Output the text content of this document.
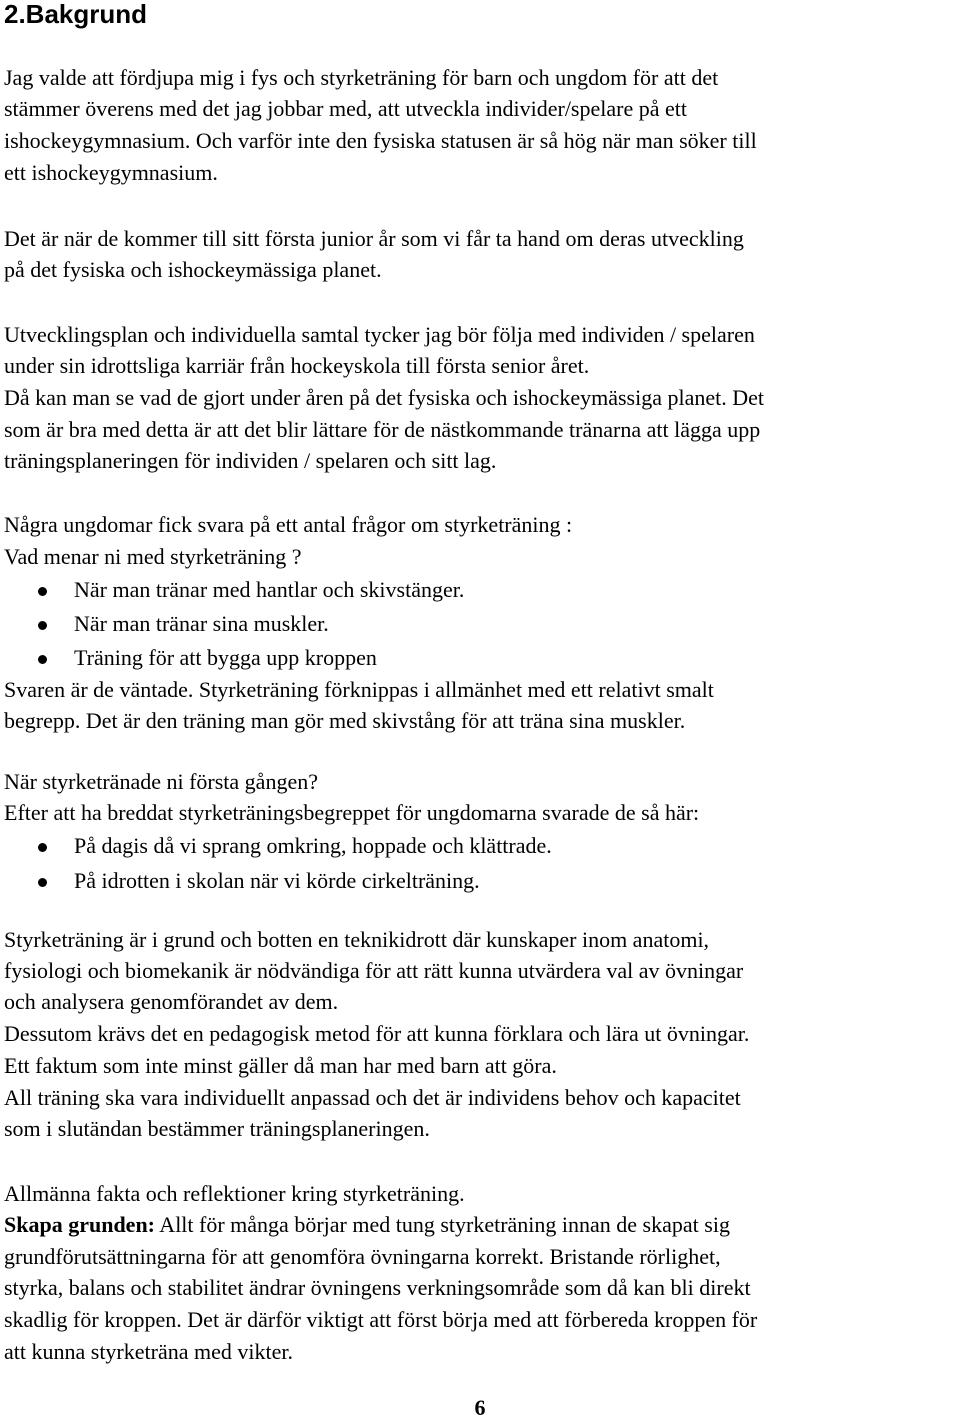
2.Bakgrund

Jag valde att fördjupa mig i fys och styrketräning för barn och ungdom för att det

stämmer överens med det jag jobbar med, att utveckla individer/spelare på ett

ishockeygymnasium. Och varför inte den fysiska statusen är så hög när man söker till

ett ishockeygymnasium.

Det är när de kommer till sitt första junior år som vi får ta hand om deras utveckling

på det fysiska och ishockeymässiga planet.

Utvecklingsplan och individuella samtal tycker jag bör följa med individen / spelaren

under sin idrottsliga karriär från hockeyskola till första senior året.

Då kan man se vad de gjort under åren på det fysiska och ishockeymässiga planet. Det

som är bra med detta är att det blir lättare för de nästkommande tränarna att lägga upp

träningsplaneringen för individen / spelaren och sitt lag.

Några ungdomar fick svara på ett antal frågor om styrketräning :

Vad menar ni med styrketräning ?

När man tränar med hantlar och skivstänger.

När man tränar sina muskler.

Träning för att bygga upp kroppen

Svaren är de väntade. Styrketräning förknippas i allmänhet med ett relativt smalt

begrepp. Det är den träning man gör med skivstång för att träna sina muskler.

När styrketränade ni första gången?

Efter att ha breddat styrketräningsbegreppet för ungdomarna svarade de så här:

På dagis då vi sprang omkring, hoppade och klättrade.

På idrotten i skolan när vi körde cirkelträning.

Styrketräning är i grund och botten en teknikidrott där kunskaper inom anatomi,

fysiologi och biomekanik är nödvändiga för att rätt kunna utvärdera val av övningar

och analysera genomförandet av dem.

Dessutom krävs det en pedagogisk metod för att kunna förklara och lära ut övningar.

Ett faktum som inte minst gäller då man har med barn att göra.

All träning ska vara individuellt anpassad och det är individens behov och kapacitet

som i slutändan bestämmer träningsplaneringen.

Allmänna fakta och reflektioner kring styrketräning.

Skapa grunden: Allt för många börjar med tung styrketräning innan de skapat sig

grundförutsättningarna för att genomföra övningarna korrekt. Bristande rörlighet,

styrka, balans och stabilitet ändrar övningens verkningsområde som då kan bli direkt

skadlig för kroppen. Det är därför viktigt att först börja med att förbereda kroppen för

att kunna styrketräna med vikter.

6
